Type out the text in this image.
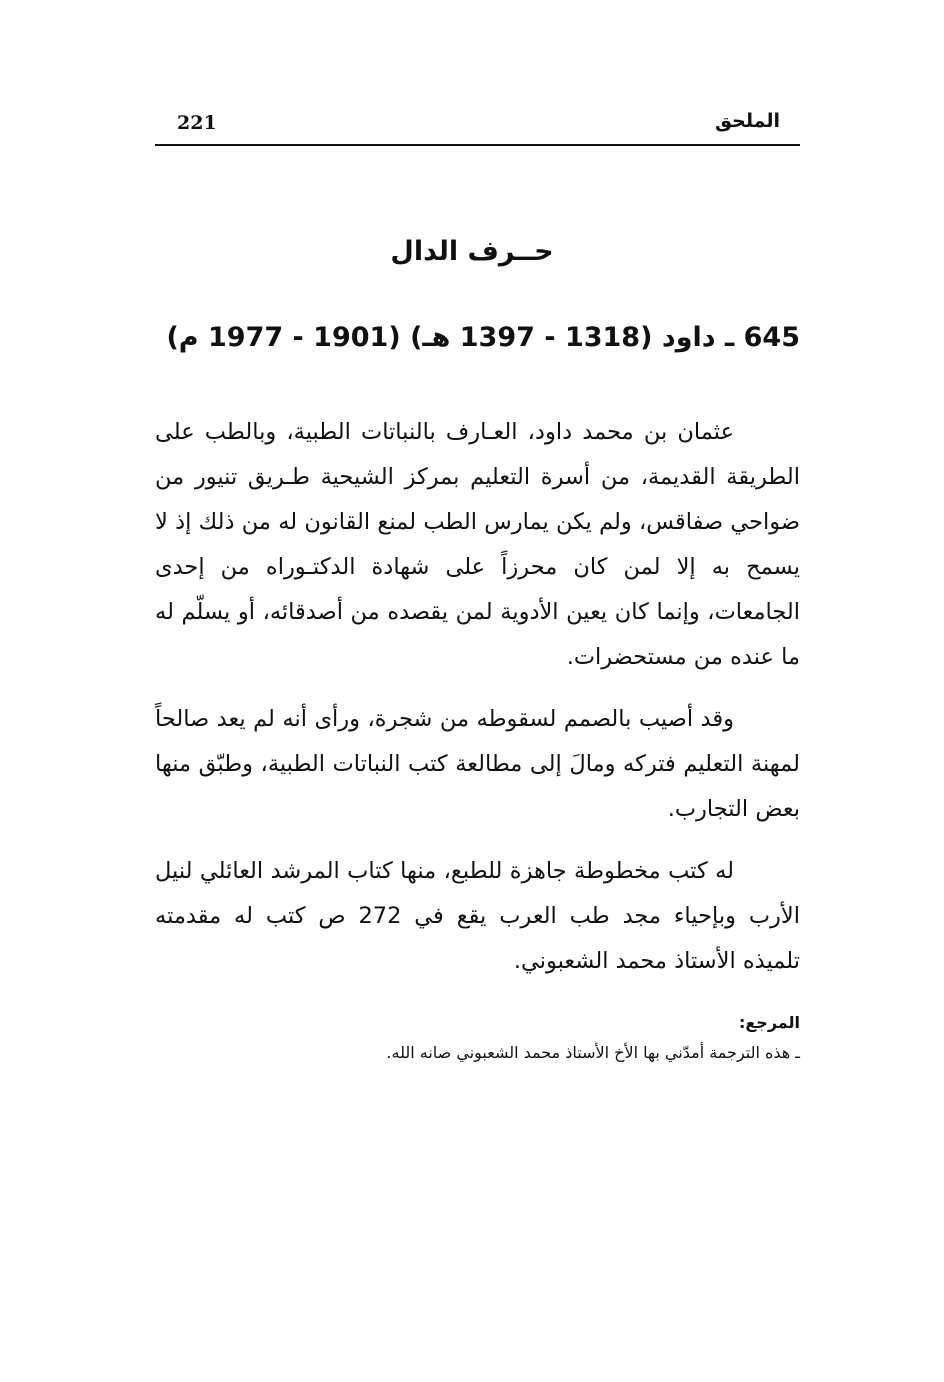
221	الملحق
حــرف الدال
645 ـ داود (1318 - 1397 هـ) (1901 - 1977 م)

عثمان بن محمد داود، العـارف بالنباتات الطبية، وبالطب على الطريقة القديمة، من أسرة التعليم بمركز الشيحية طـريق تنيور من ضواحي صفاقس، ولم يكن يمارس الطب لمنع القانون له من ذلك إذ لا يسمح به إلا لمن كان محرزاً على شهادة الدكتـوراه من إحدى الجامعات، وإنما كان يعين الأدوية لمن يقصده من أصدقائه، أو يسلّم له ما عنده من مستحضرات.

وقد أصيب بالصمم لسقوطه من شجرة، ورأى أنه لم يعد صالحاً لمهنة التعليم فتركه ومالَ إلى مطالعة كتب النباتات الطبية، وطبّق منها بعض التجارب.

له كتب مخطوطة جاهزة للطبع، منها كتاب المرشد العائلي لنيل الأرب وبإحياء مجد طب العرب يقع في 272 ص كتب له مقدمته تلميذه الأستاذ محمد الشعبوني.

المرجع:
ـ هذه الترجمة أمدّني بها الأخ الأستاذ محمد الشعبوني صانه الله.
